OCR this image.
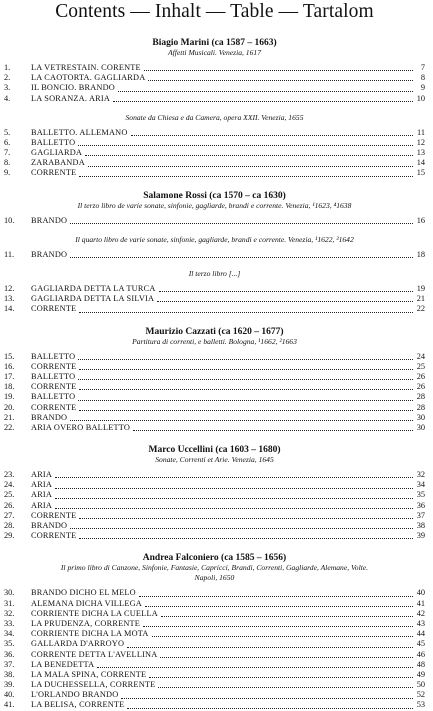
Contents — Inhalt — Table — Tartalom
Biagio Marini (ca 1587 – 1663)
Affetti Musicali. Venezia, 1617
1.	LA VETRESTAIN. CORENTE	7
2.	LA CAOTORTA. GAGLIARDA	8
3.	IL BONCIO. BRANDO	9
4.	LA SORANZA. ARIA	10
Sonate da Chiesa e da Camera, opera XXII. Venezia, 1655
5.	BALLETTO. ALLEMANO	11
6.	BALLETTO	12
7.	GAGLIARDA	13
8.	ZARABANDA	14
9.	CORRENTE	15
Salamone Rossi (ca 1570 – ca 1630)
Il terzo libro de varie sonate, sinfonie, gagliarde, brandi e corrente. Venezia, ¹1623, ⁴1638
10.	BRANDO	16
Il quarto libro de varie sonate, sinfonie, gagliarde, brandi e corrente. Venezia, ¹1622, ³1642
11.	BRANDO	18
Il terzo libro [...]
12.	GAGLIARDA DETTA LA TURCA	19
13.	GAGLIARDA DETTA LA SILVIA	21
14.	CORRENTE	22
Maurizio Cazzati (ca 1620 – 1677)
Partitura di correnti, e balletti. Bologna, ¹1662, ²1663
15.	BALLETTO	24
16.	CORRENTE	25
17.	BALLETTO	26
18.	CORRENTE	26
19.	BALLETTO	28
20.	CORRENTE	28
21.	BRANDO	30
22.	ARIA OVERO BALLETTO	30
Marco Uccellini (ca 1603 – 1680)
Sonate, Correnti et Arie. Venezia, 1645
23.	ARIA	32
24.	ARIA	34
25.	ARIA	35
26.	ARIA	36
27.	CORRENTE	37
28.	BRANDO	38
29.	CORRENTE	39
Andrea Falconiero (ca 1585 – 1656)
Il primo libro di Canzone, Sinfonie, Fantasie, Capricci, Brandi, Correnti, Gagliarde, Alemane, Volte.
Napoli, 1650
30.	BRANDO DICHO EL MELO	40
31.	ALEMANA DICHA VILLEGA	41
32.	CORRIENTE DICHA LA CUELLA	42
33.	LA PRUDENZA, CORRENTE	43
34.	CORRIENTE DICHA LA MOTA	44
35.	GALLARDA D'ARROYO	45
36.	CORRENTE DETTA L'AVELLINA	46
37.	LA BENEDETTA	48
38.	LA MALA SPINA, CORRENTE	49
39.	LA DUCHESSELLA, CORRENTE	50
40.	L'ORLANDO BRANDO	52
41.	LA BELISA, CORRENTE	53
